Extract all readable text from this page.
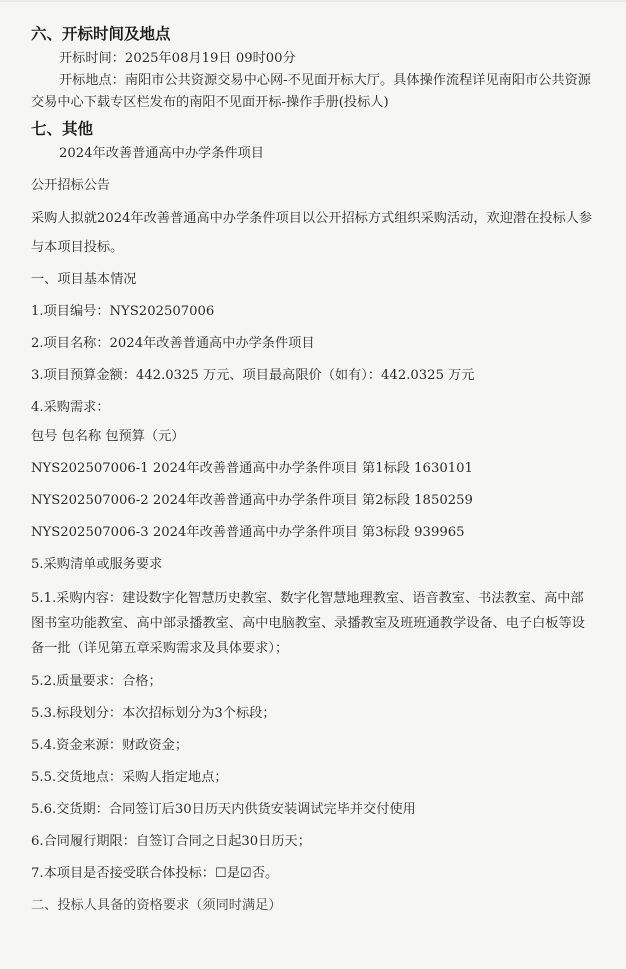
六、开标时间及地点
开标时间：2025年08月19日 09时00分
开标地点：南阳市公共资源交易中心网-不见面开标大厅。具体操作流程详见南阳市公共资源交易中心下载专区栏发布的南阳不见面开标-操作手册(投标人)
七、其他
2024年改善普通高中办学条件项目
公开招标公告
采购人拟就2024年改善普通高中办学条件项目以公开招标方式组织采购活动，欢迎潜在投标人参与本项目投标。
一、项目基本情况
1.项目编号：NYS202507006
2.项目名称：2024年改善普通高中办学条件项目
3.项目预算金额：442.0325 万元、项目最高限价（如有）：442.0325 万元
4.采购需求：
包号 包名称 包预算（元）
NYS202507006-1 2024年改善普通高中办学条件项目 第1标段 1630101
NYS202507006-2 2024年改善普通高中办学条件项目 第2标段 1850259
NYS202507006-3 2024年改善普通高中办学条件项目 第3标段 939965
5.采购清单或服务要求
5.1.采购内容：建设数字化智慧历史教室、数字化智慧地理教室、语音教室、书法教室、高中部图书室功能教室、高中部录播教室、高中电脑教室、录播教室及班班通教学设备、电子白板等设备一批（详见第五章采购需求及具体要求）；
5.2.质量要求：合格；
5.3.标段划分：本次招标划分为3个标段；
5.4.资金来源：财政资金；
5.5.交货地点：采购人指定地点；
5.6.交货期：合同签订后30日历天内供货安装调试完毕并交付使用
6.合同履行期限：自签订合同之日起30日历天；
7.本项目是否接受联合体投标：☐是☑否。
二、投标人具备的资格要求（须同时满足）
